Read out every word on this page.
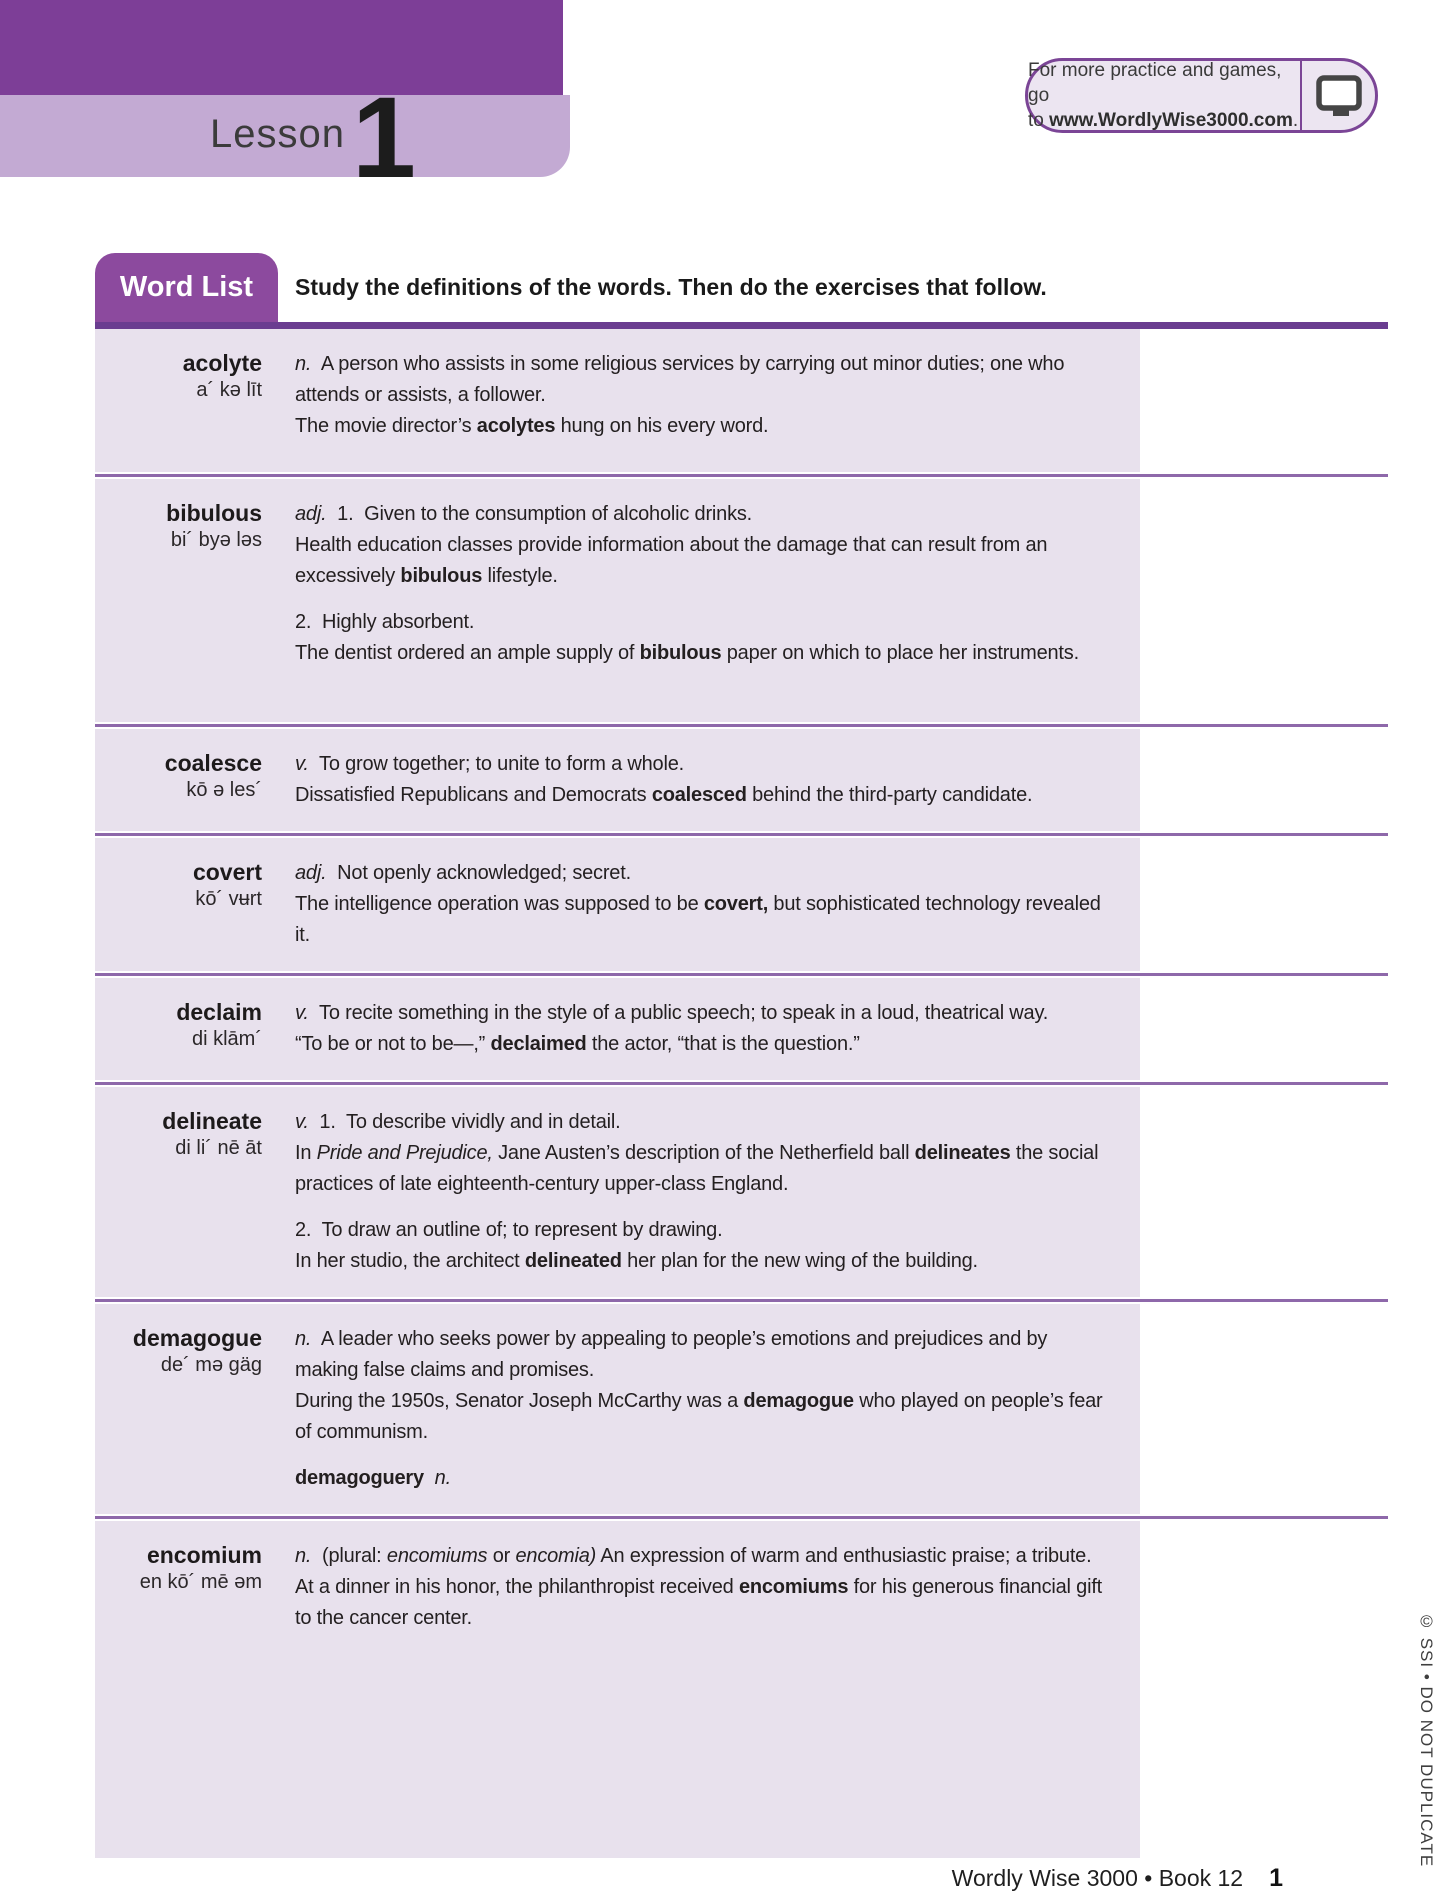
Lesson 1
For more practice and games, go
to www.WordlyWise3000.com.
Word List Study the definitions of the words. Then do the exercises that follow.
acolyte
a´ kə līt

n.  A person who assists in some religious services by carrying out minor duties; one who attends or assists, a follower.

The movie director’s acolytes hung on his every word.

bibulous
bi´ byə ləs

adj.  1.  Given to the consumption of alcoholic drinks.

Health education classes provide information about the damage that can result from an excessively bibulous lifestyle.

2.  Highly absorbent.

The dentist ordered an ample supply of bibulous paper on which to place her instruments.

coalesce
kō ə les´

v.  To grow together; to unite to form a whole.

Dissatisfied Republicans and Democrats coalesced behind the third-party candidate.

covert
kō´ vʉrt

adj.  Not openly acknowledged; secret.

The intelligence operation was supposed to be covert, but sophisticated technology revealed it.

declaim
di klām´

v.  To recite something in the style of a public speech; to speak in a loud, theatrical way.

“To be or not to be—,” declaimed the actor, “that is the question.”

delineate
di li´ nē āt

v.  1.  To describe vividly and in detail.

In Pride and Prejudice, Jane Austen’s description of the Netherfield ball delineates the social practices of late eighteenth-century upper-class England.

2.  To draw an outline of; to represent by drawing.

In her studio, the architect delineated her plan for the new wing of the building.

demagogue
de´ mə gäg

n.  A leader who seeks power by appealing to people’s emotions and prejudices and by making false claims and promises.

During the 1950s, Senator Joseph McCarthy was a demagogue who played on people’s fear of communism.

demagoguery n.

encomium
en kō´ mē əm

n.  (plural: encomiums or encomia) An expression of warm and enthusiastic praise; a tribute.

At a dinner in his honor, the philanthropist received encomiums for his generous financial gift to the cancer center.

Wordly Wise 3000 • Book 12 1
© SSI • DO NOT DUPLICATE
